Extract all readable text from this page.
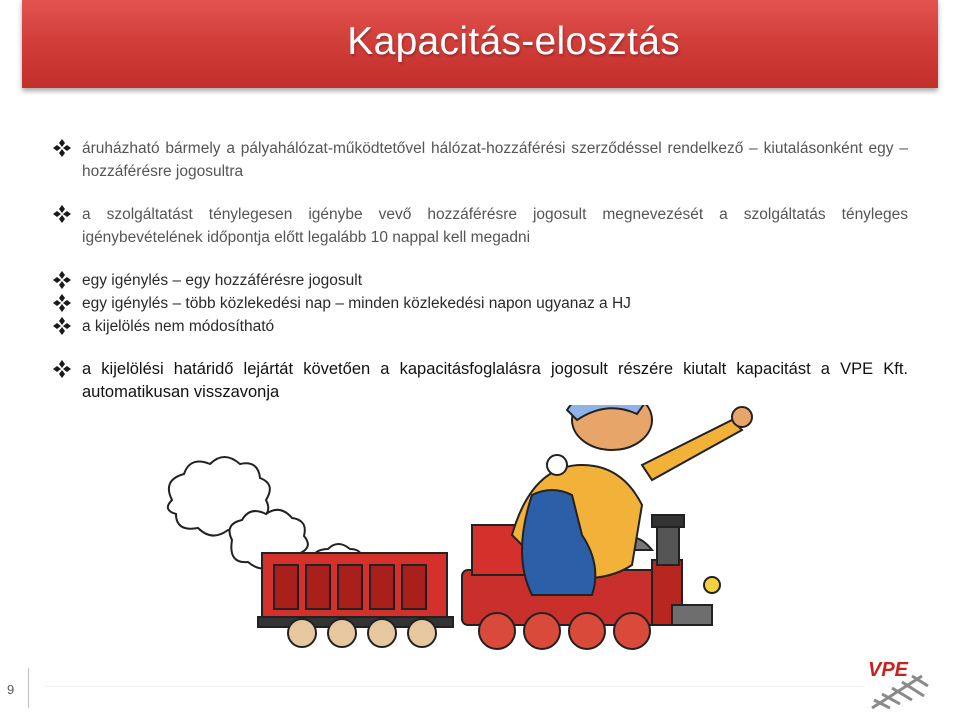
Kapacitás-elosztás
áruházható bármely a pályahálózat-működtetővel hálózat-hozzáférési szerződéssel rendelkező – kiutalásonként egy – hozzáférésre jogosultra
a szolgáltatást ténylegesen igénybe vevő hozzáférésre jogosult megnevezését a szolgáltatás tényleges igénybevételének időpontja előtt legalább 10 nappal kell megadni
egy igénylés – egy hozzáférésre jogosult
egy igénylés – több közlekedési nap – minden közlekedési napon ugyanaz a HJ
a kijelölés nem módosítható
a kijelölési határidő lejártát követően a kapacitásfoglalásra jogosult részére kiutalt kapacitást a VPE Kft. automatikusan visszavonja
9
VPE
